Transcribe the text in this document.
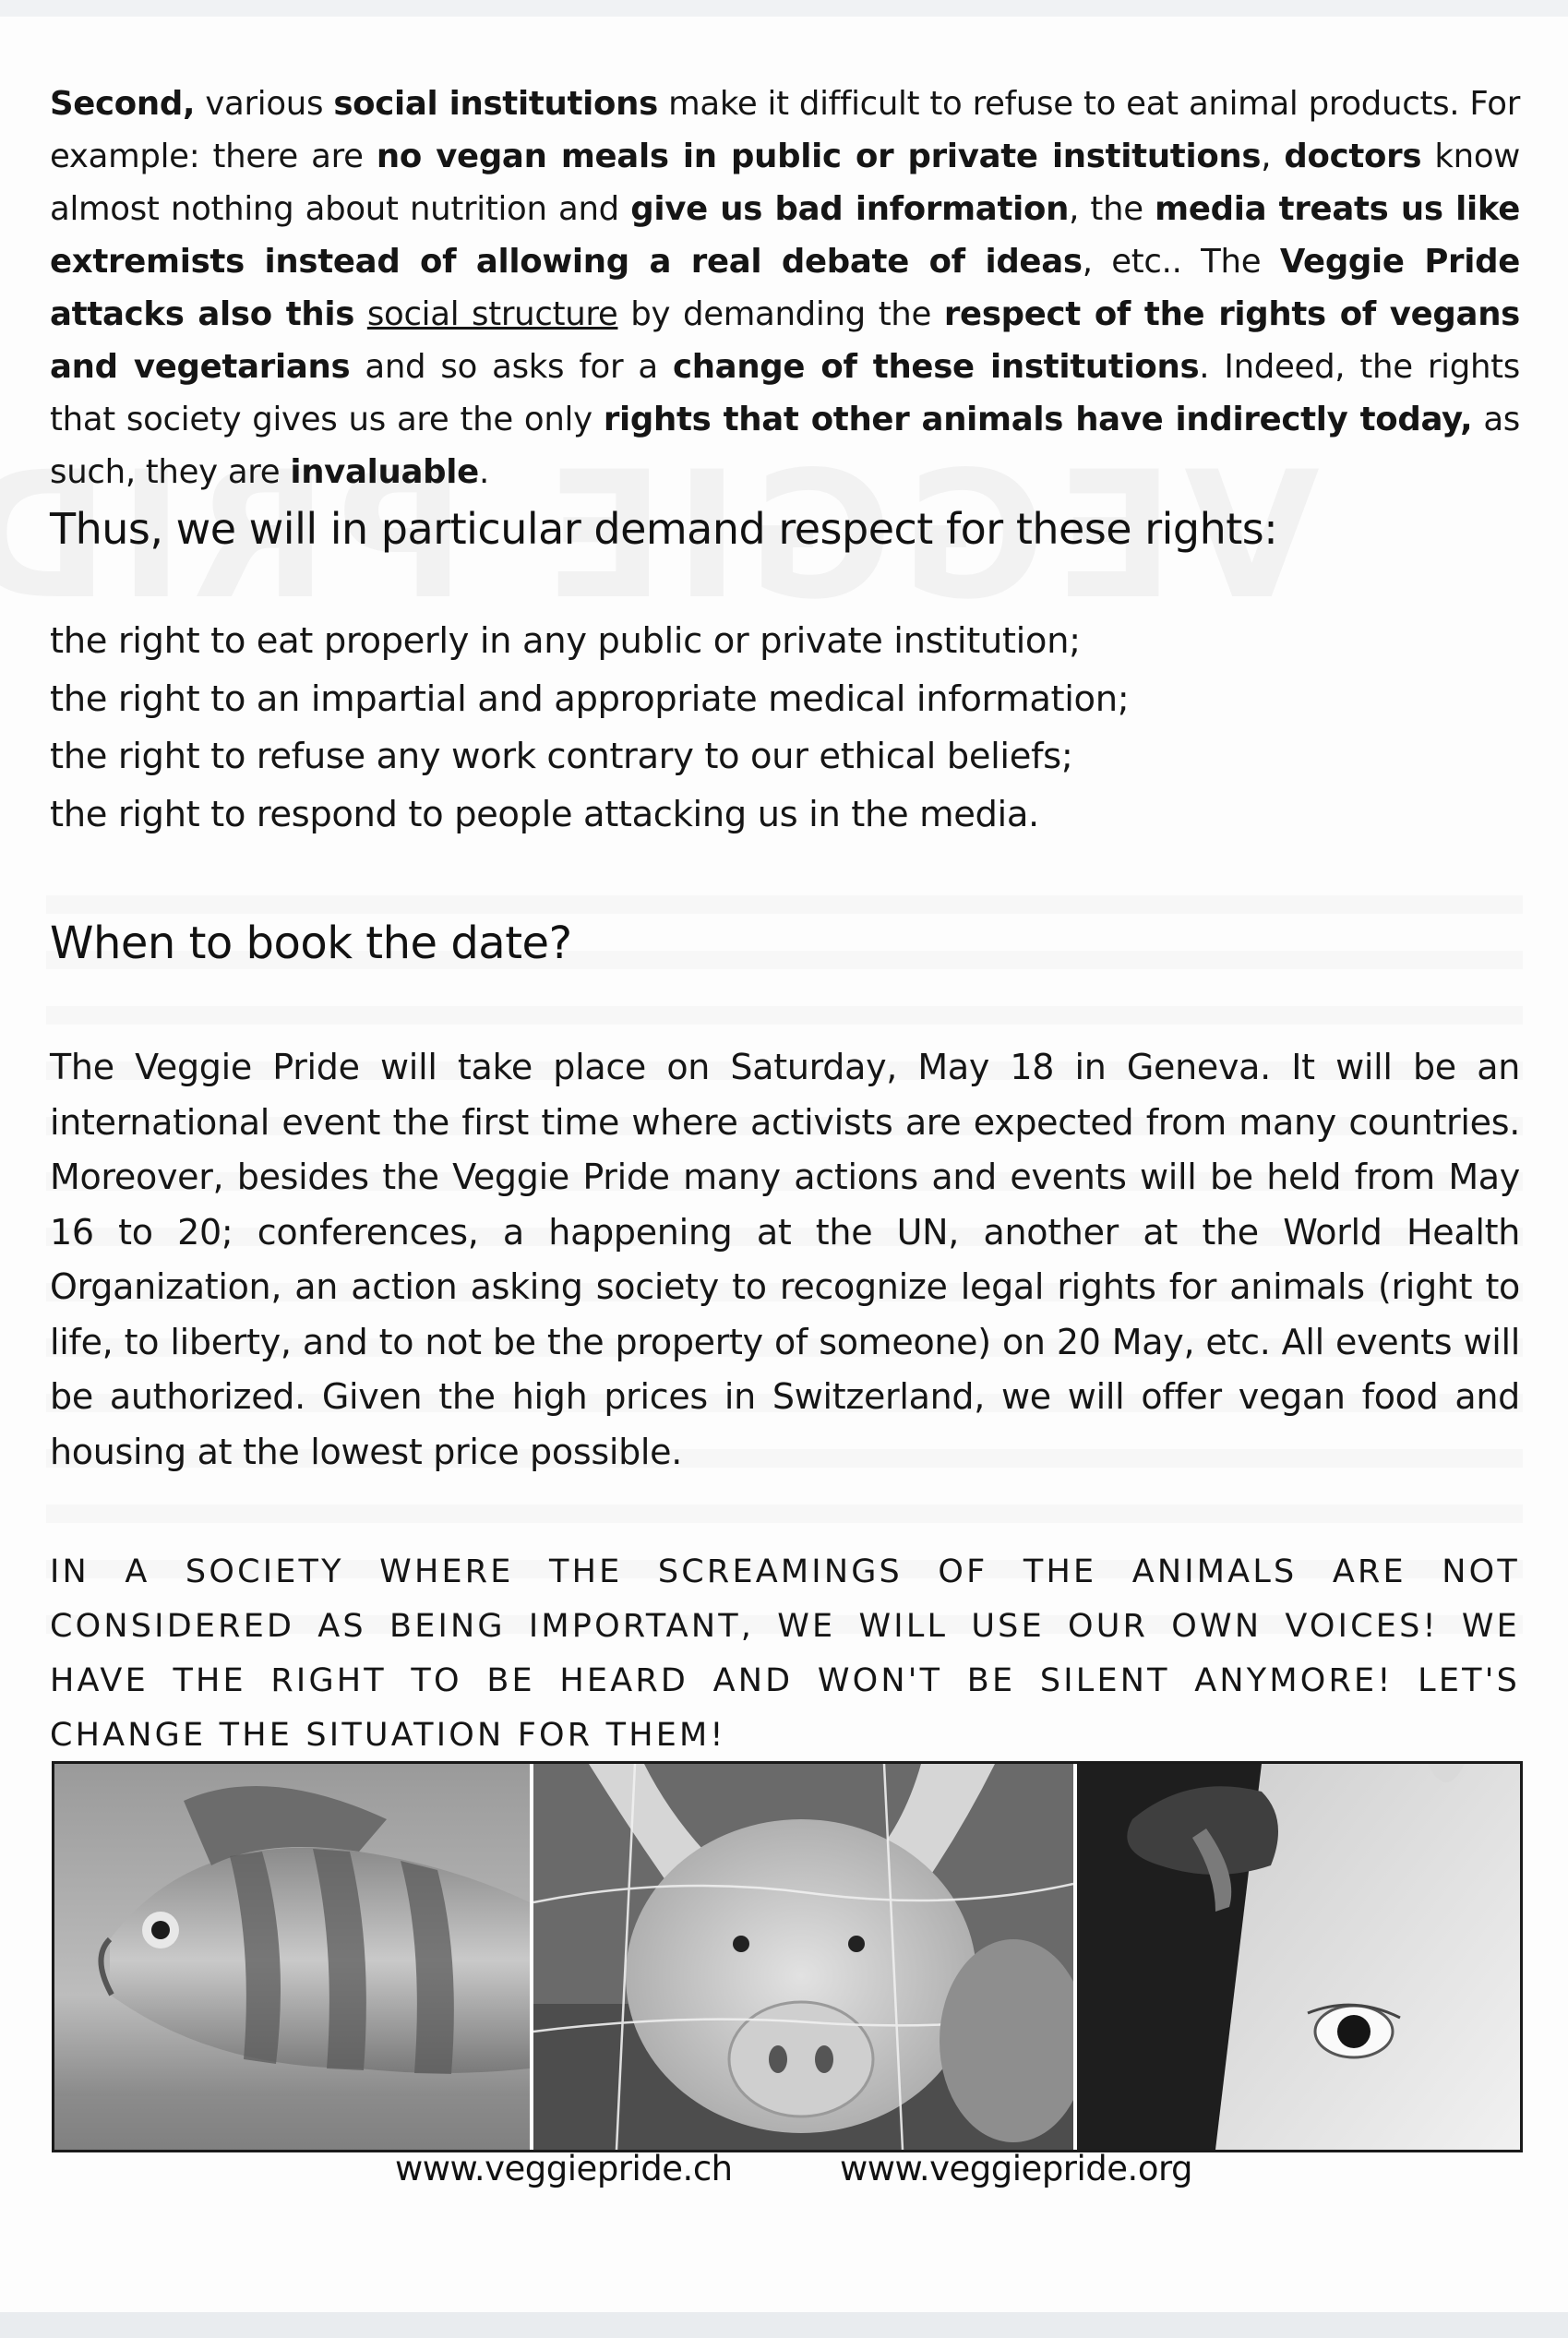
Second, various social institutions make it difficult to refuse to eat animal products. For example: there are no vegan meals in public or private institutions, doctors know almost nothing about nutrition and give us bad information, the media treats us like extremists instead of allowing a real debate of ideas, etc.. The Veggie Pride attacks also this social structure by demanding the respect of the rights of vegans and vegetarians and so asks for a change of these institutions. Indeed, the rights that society gives us are the only rights that other animals have indirectly today, as such, they are invaluable.

Thus, we will in particular demand respect for these rights:
the right to eat properly in any public or private institution;
the right to an impartial and appropriate medical information;
the right to refuse any work contrary to our ethical beliefs;
the right to respond to people attacking us in the media.
When to book the date?

The Veggie Pride will take place on Saturday, May 18 in Geneva. It will be an international event the first time where activists are expected from many countries. Moreover, besides the Veggie Pride many actions and events will be held from May 16 to 20; conferences, a happening at the UN, another at the World Health Organization, an action asking society to recognize legal rights for animals (right to life, to liberty, and to not be the property of someone) on 20 May, etc. All events will be authorized. Given the high prices in Switzerland, we will offer vegan food and housing at the lowest price possible.

IN A SOCIETY WHERE THE SCREAMINGS OF THE ANIMALS ARE NOT CONSIDERED AS BEING IMPORTANT, WE WILL USE OUR OWN VOICES! WE HAVE THE RIGHT TO BE HEARD AND WON'T BE SILENT ANYMORE! LET'S CHANGE THE SITUATION FOR THEM!

www.veggiepride.ch	www.veggiepride.org
